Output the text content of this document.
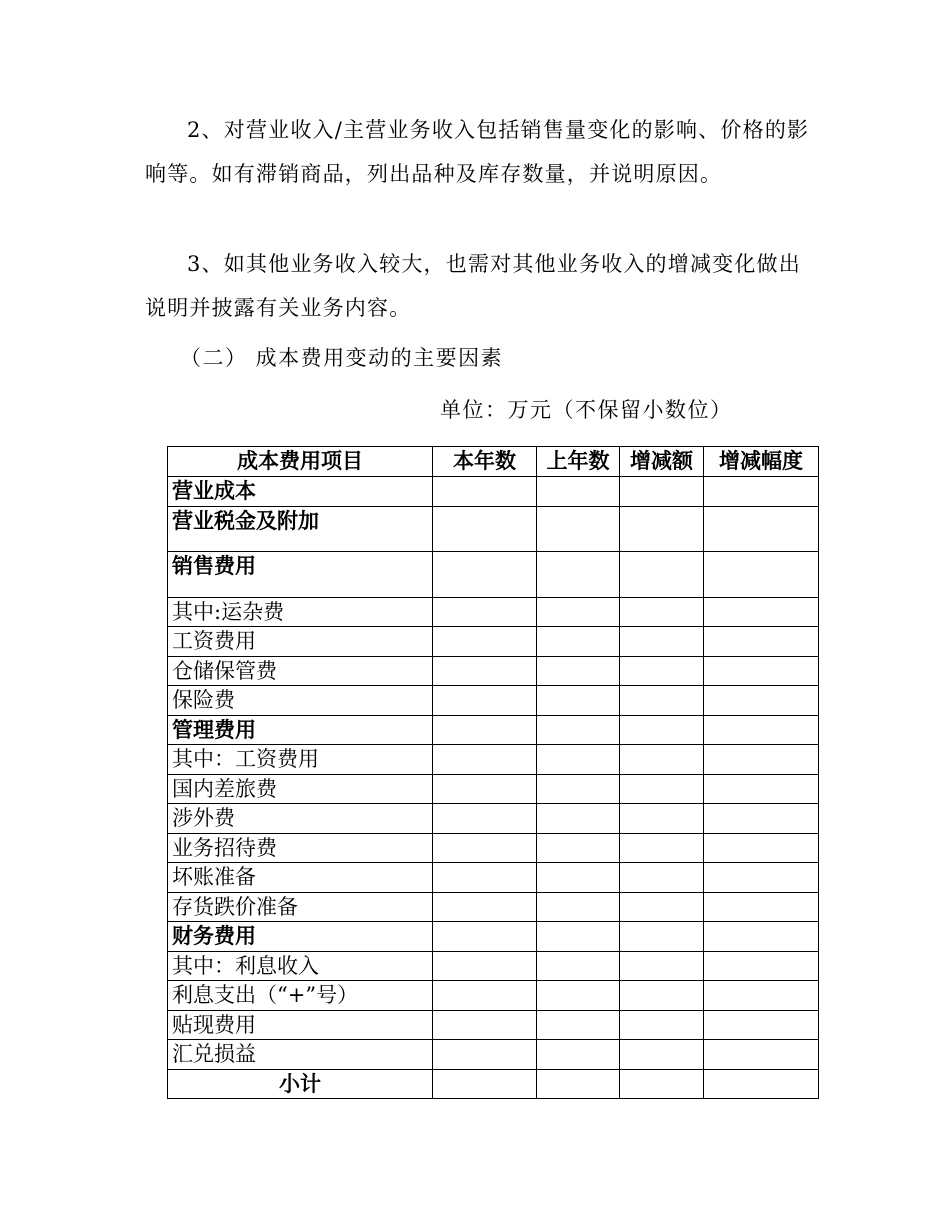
2、对营业收入/主营业务收入包括销售量变化的影响、价格的影响等。如有滞销商品，列出品种及库存数量，并说明原因。

3、如其他业务收入较大，也需对其他业务收入的增减变化做出说明并披露有关业务内容。

（二） 成本费用变动的主要因素

单位：万元（不保留小数位）

成本费用项目	本年数	上年数	增减额	增减幅度
营业成本				
营业税金及附加				
销售费用				
其中:运杂费				
工资费用				
仓储保管费				
保险费				
管理费用				
其中：工资费用				
国内差旅费				
涉外费				
业务招待费				
坏账准备				
存货跌价准备				
财务费用				
其中：利息收入				
利息支出（“+”号）				
贴现费用				
汇兑损益				
小计				
